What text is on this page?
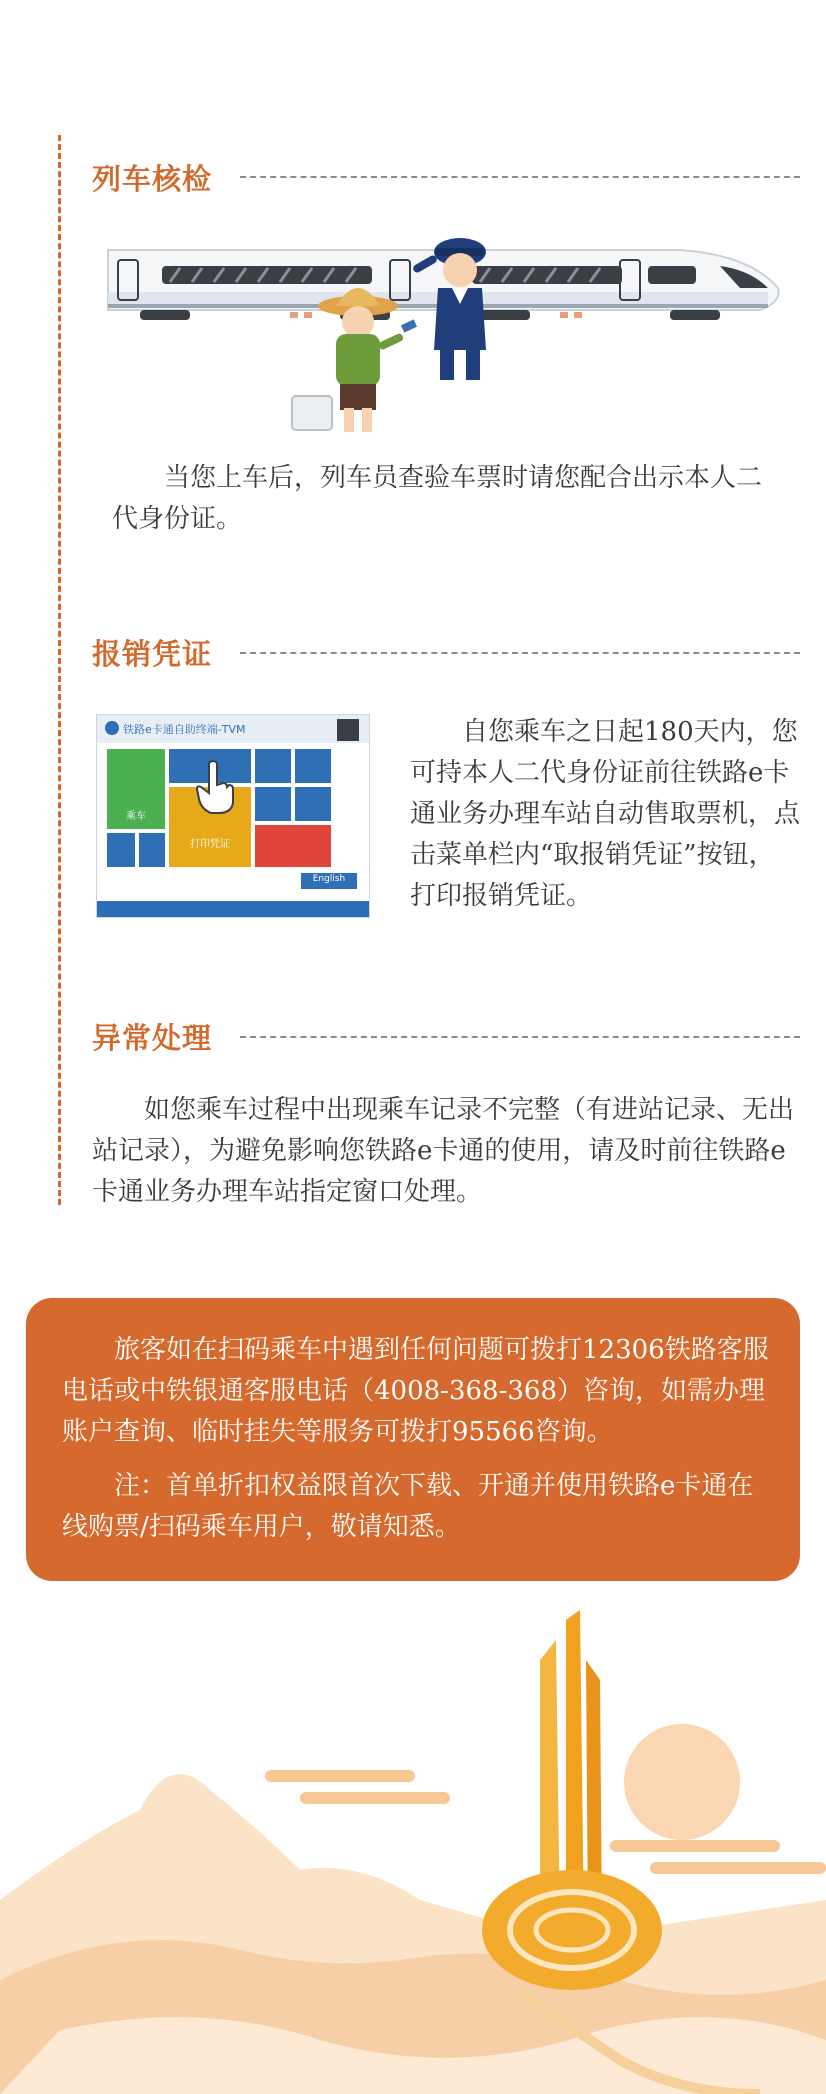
列车核检
当您上车后，列车员查验车票时请您配合出示本人二代身份证。
报销凭证
铁路e卡通自助终端-TVM
乘车
打印凭证
English
自您乘车之日起180天内，您可持本人二代身份证前往铁路e卡通业务办理车站自动售取票机，点击菜单栏内“取报销凭证”按钮，打印报销凭证。
异常处理
如您乘车过程中出现乘车记录不完整（有进站记录、无出站记录），为避免影响您铁路e卡通的使用，请及时前往铁路e卡通业务办理车站指定窗口处理。

旅客如在扫码乘车中遇到任何问题可拨打12306铁路客服电话或中铁银通客服电话（4008-368-368）咨询，如需办理账户查询、临时挂失等服务可拨打95566咨询。

注：首单折扣权益限首次下载、开通并使用铁路e卡通在线购票/扫码乘车用户，敬请知悉。
